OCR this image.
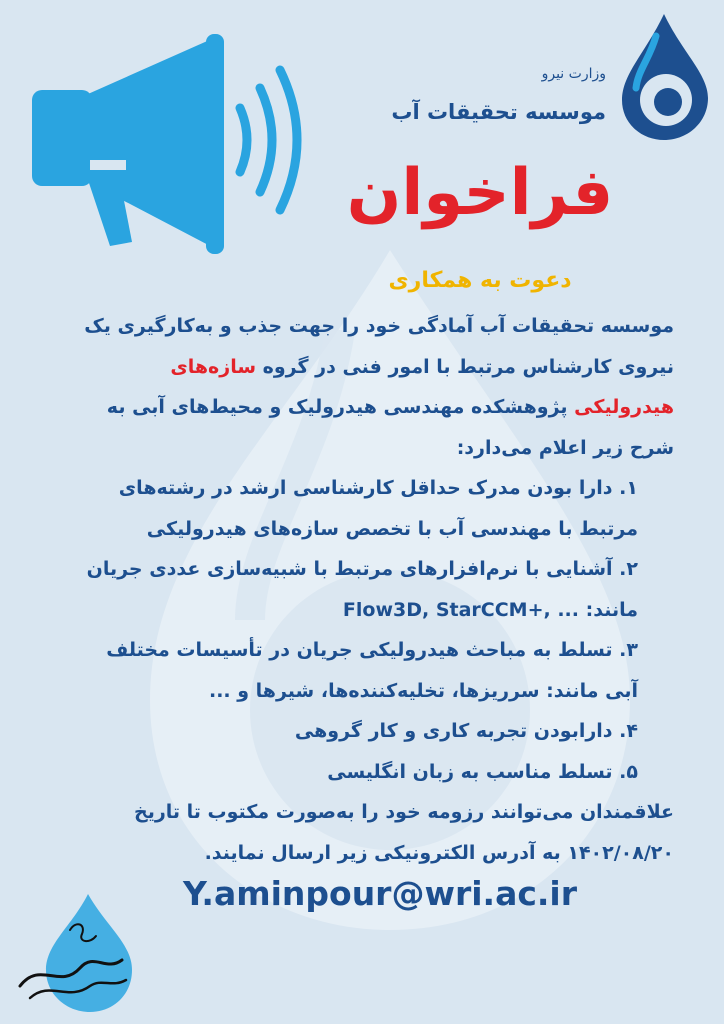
وزارت نیرو
موسسه تحقیقات آب
فراخوان
دعوت به همکاری

موسسه تحقیقات آب آمادگی خود را جهت جذب و به‌کارگیری یک نیروی کارشناس مرتبط با امور فنی در گروه سازه‌های هیدرولیکی پژوهشکده مهندسی هیدرولیک و محیط‌های آبی به شرح زیر اعلام می‌دارد:

۱. دارا بودن مدرک حداقل کارشناسی ارشد در رشته‌های مرتبط با مهندسی آب با تخصص سازه‌های هیدرولیکی

۲. آشنایی با نرم‌افزارهای مرتبط با شبیه‌سازی عددی جریان مانند: Flow3D, StarCCM+, ...

۳. تسلط به مباحث هیدرولیکی جریان در تأسیسات مختلف آبی مانند: سرریزها، تخلیه‌کننده‌ها، شیرها و ...

۴. دارابودن تجربه کاری و کار گروهی

۵. تسلط مناسب به زبان انگلیسی

علاقمندان می‌توانند رزومه خود را به‌صورت مکتوب تا تاریخ ۱۴۰۲/۰۸/۲۰ به آدرس الکترونیکی زیر ارسال نمایند.

Y.aminpour@wri.ac.ir
